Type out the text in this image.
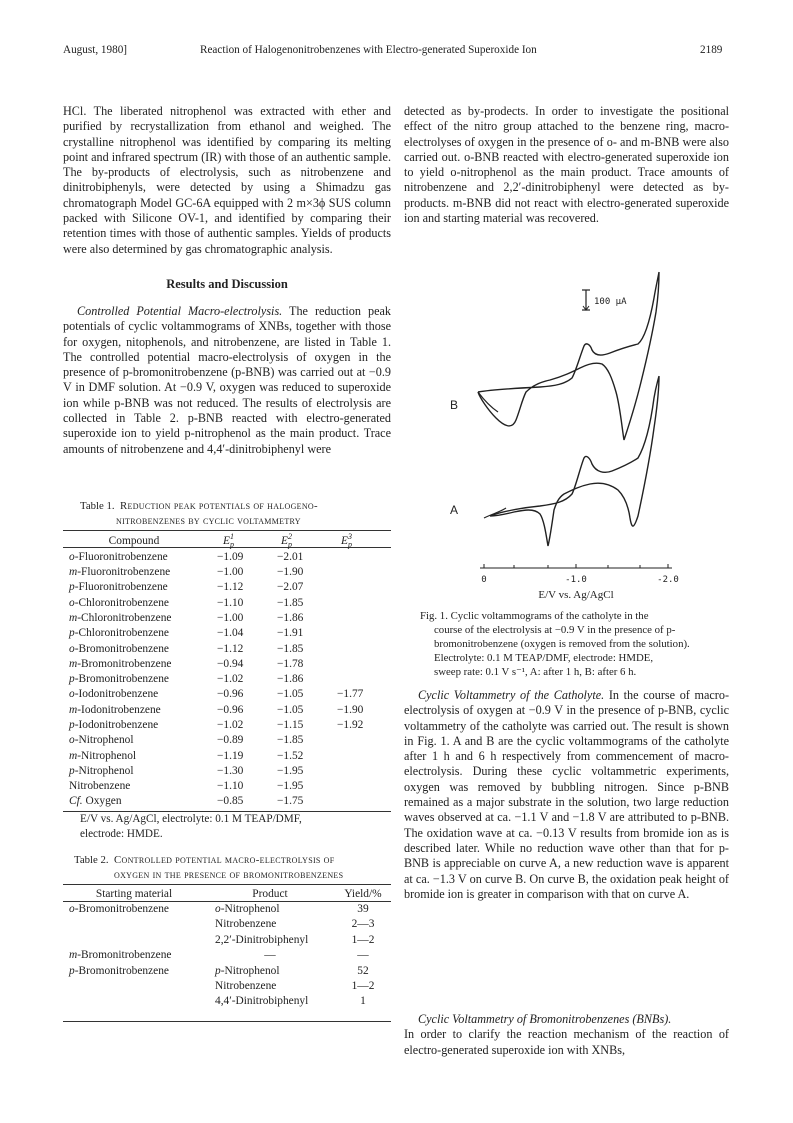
August, 1980]	Reaction of Halogenonitrobenzenes with Electro-generated Superoxide Ion	2189

HCl. The liberated nitrophenol was extracted with ether and purified by recrystallization from ethanol and weighed. The crystalline nitrophenol was identified by comparing its melting point and infrared spectrum (IR) with those of an authentic sample. The by-products of electrolysis, such as nitrobenzene and dinitrobiphenyls, were detected by using a Shimadzu gas chromatograph Model GC-6A equipped with 2 m×3ϕ SUS column packed with Silicone OV-1, and identified by comparing their retention times with those of authentic samples. Yields of products were also determined by gas chromatographic analysis.

Results and Discussion

Controlled Potential Macro-electrolysis. The reduction peak potentials of cyclic voltammograms of XNBs, together with those for oxygen, nitophenols, and nitrobenzene, are listed in Table 1. The controlled potential macro-electrolysis of oxygen in the presence of p-bromonitrobenzene (p-BNB) was carried out at −0.9 V in DMF solution. At −0.9 V, oxygen was reduced to superoxide ion while p-BNB was not reduced. The results of electrolysis are collected in Table 2. p-BNB reacted with electro-generated superoxide ion to yield p-nitrophenol as the main product. Trace amounts of nitrobenzene and 4,4′-dinitrobiphenyl were

Table 1. Reduction peak potentials of halogeno-
nitrobenzenes by cyclic voltammetry
Compound	$E^1_p$	$E^2_p$	$E^3_p$
o-Fluoronitrobenzene	−1.09	−2.01	
m-Fluoronitrobenzene	−1.00	−1.90	
p-Fluoronitrobenzene	−1.12	−2.07	
o-Chloronitrobenzene	−1.10	−1.85	
m-Chloronitrobenzene	−1.00	−1.86	
p-Chloronitrobenzene	−1.04	−1.91	
o-Bromonitrobenzene	−1.12	−1.85	
m-Bromonitrobenzene	−0.94	−1.78	
p-Bromonitrobenzene	−1.02	−1.86	
o-Iodonitrobenzene	−0.96	−1.05	−1.77
m-Iodonitrobenzene	−0.96	−1.05	−1.90
p-Iodonitrobenzene	−1.02	−1.15	−1.92
o-Nitrophenol	−0.89	−1.85	
m-Nitrophenol	−1.19	−1.52	
p-Nitrophenol	−1.30	−1.95	
Nitrobenzene	−1.10	−1.95	
Cf. Oxygen	−0.85	−1.75	
E/V vs. Ag/AgCl, electrolyte: 0.1 M TEAP/DMF,
electrode: HMDE.
Table 2. Controlled potential macro-electrolysis of
oxygen in the presence of bromonitrobenzenes
Starting material	Product	Yield/%
o-Bromonitrobenzene	o-Nitrophenol	39
	Nitrobenzene	2—3
	2,2′-Dinitrobiphenyl	1—2
m-Bromonitrobenzene	—	—
p-Bromonitrobenzene	p-Nitrophenol	52
	Nitrobenzene	1—2
	4,4′-Dinitrobiphenyl	1

detected as by-prodects. In order to investigate the positional effect of the nitro group attached to the benzene ring, macro-electrolyses of oxygen in the presence of o- and m-BNB were also carried out. o-BNB reacted with electro-generated superoxide ion to yield o-nitrophenol as the main product. Trace amounts of nitrobenzene and 2,2′-dinitrobiphenyl were detected as by-products. m-BNB did not react with electro-generated superoxide ion and starting material was recovered.

100 μA
B
A
0	-1.0	-2.0
E/V vs. Ag/AgCl
Fig. 1. Cyclic voltammograms of the catholyte in the
course of the electrolysis at −0.9 V in the presence of p-bromonitrobenzene (oxygen is removed from the solution).
Electrolyte: 0.1 M TEAP/DMF, electrode: HMDE,
sweep rate: 0.1 V s⁻¹, A: after 1 h, B: after 6 h.

Cyclic Voltammetry of the Catholyte. In the course of macro-electrolysis of oxygen at −0.9 V in the presence of p-BNB, cyclic voltammetry of the catholyte was carried out. The result is shown in Fig. 1. A and B are the cyclic voltammograms of the catholyte after 1 h and 6 h respectively from commencement of macro-electrolysis. During these cyclic voltammetric experiments, oxygen was removed by bubbling nitrogen. Since p-BNB remained as a major substrate in the solution, two large reduction waves observed at ca. −1.1 V and −1.8 V are attributed to p-BNB. The oxidation wave at ca. −0.13 V results from bromide ion as is described later. While no reduction wave other than that for p-BNB is appreciable on curve A, a new reduction wave is apparent at ca. −1.3 V on curve B. On curve B, the oxidation peak height of bromide ion is greater in comparison with that on curve A.

Cyclic Voltammetry of Bromonitrobenzenes (BNBs).
In order to clarify the reaction mechanism of the reaction of electro-generated superoxide ion with XNBs,
